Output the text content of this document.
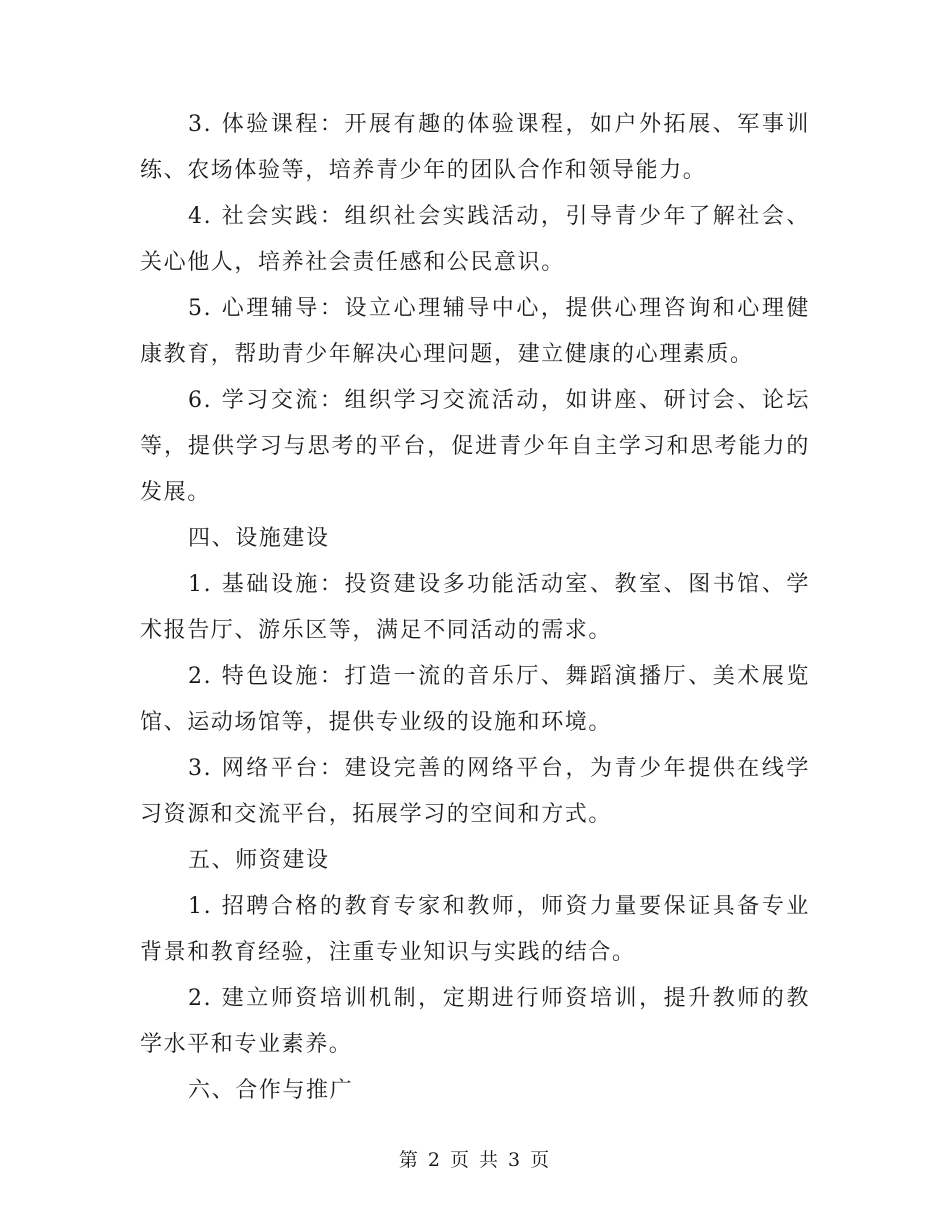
3. 体验课程：开展有趣的体验课程，如户外拓展、军事训练、农场体验等，培养青少年的团队合作和领导能力。

4. 社会实践：组织社会实践活动，引导青少年了解社会、关心他人，培养社会责任感和公民意识。

5. 心理辅导：设立心理辅导中心，提供心理咨询和心理健康教育，帮助青少年解决心理问题，建立健康的心理素质。

6. 学习交流：组织学习交流活动，如讲座、研讨会、论坛等，提供学习与思考的平台，促进青少年自主学习和思考能力的发展。

四、设施建设

1. 基础设施：投资建设多功能活动室、教室、图书馆、学术报告厅、游乐区等，满足不同活动的需求。

2. 特色设施：打造一流的音乐厅、舞蹈演播厅、美术展览馆、运动场馆等，提供专业级的设施和环境。

3. 网络平台：建设完善的网络平台，为青少年提供在线学习资源和交流平台，拓展学习的空间和方式。

五、师资建设

1. 招聘合格的教育专家和教师，师资力量要保证具备专业背景和教育经验，注重专业知识与实践的结合。

2. 建立师资培训机制，定期进行师资培训，提升教师的教学水平和专业素养。

六、合作与推广

第 2 页 共 3 页
